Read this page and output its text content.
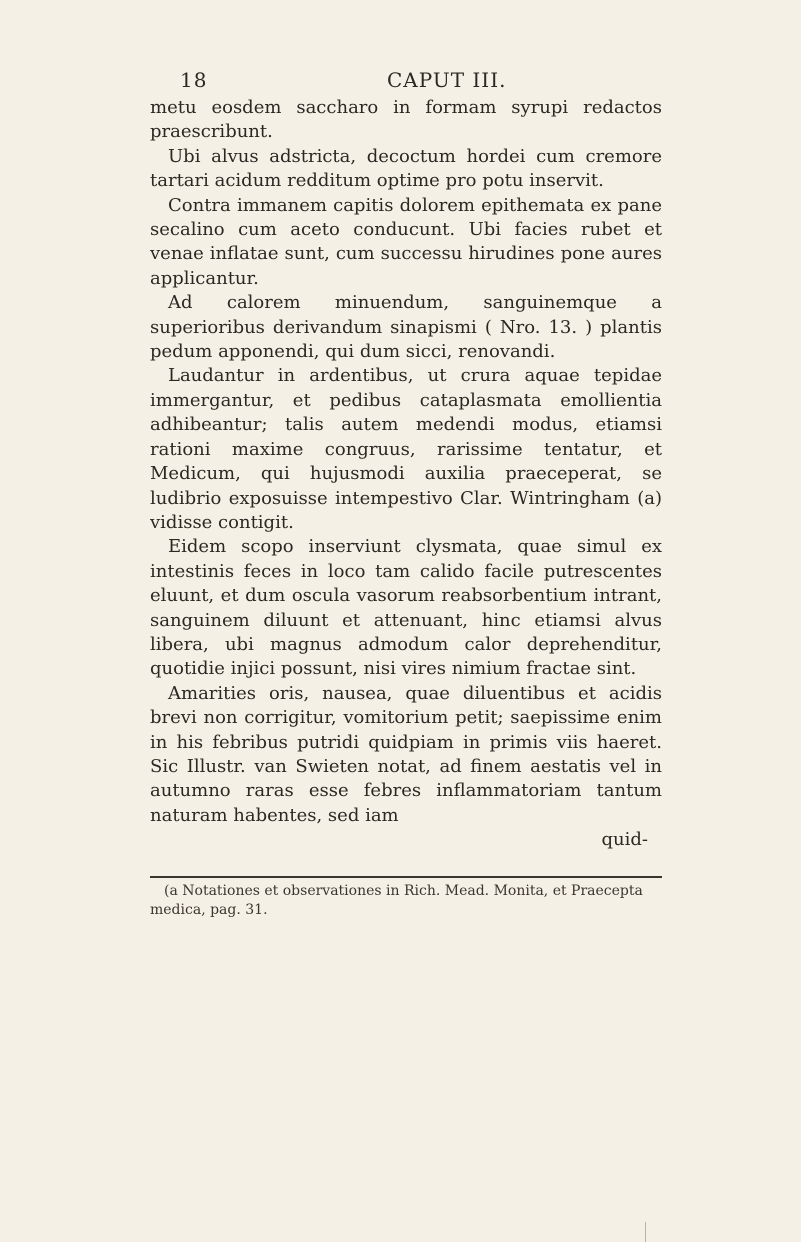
18	CAPUT III.

metu eosdem saccharo in formam syrupi redactos praescribunt.

Ubi alvus adstricta, decoctum hordei cum cremore tartari acidum redditum optime pro potu inservit.

Contra immanem capitis dolorem epithemata ex pane secalino cum aceto conducunt. Ubi facies rubet et venae inflatae sunt, cum successu hirudines pone aures applicantur.

Ad calorem minuendum, sanguinemque a superioribus derivandum sinapismi ( Nro. 13. ) plantis pedum apponendi, qui dum sicci, renovandi.

Laudantur in ardentibus, ut crura aquae tepidae immergantur, et pedibus cataplasmata emollientia adhibeantur; talis autem medendi modus, etiamsi rationi maxime congruus, rarissime tentatur, et Medicum, qui hujusmodi auxilia praeceperat, se ludibrio exposuisse intempestivo Clar. Wintringham (a) vidisse contigit.

Eidem scopo inserviunt clysmata, quae simul ex intestinis feces in loco tam calido facile putrescentes eluunt, et dum oscula vasorum reabsorbentium intrant, sanguinem diluunt et attenuant, hinc etiamsi alvus libera, ubi magnus admodum calor deprehenditur, quotidie injici possunt, nisi vires nimium fractae sint.

Amarities oris, nausea, quae diluentibus et acidis brevi non corrigitur, vomitorium petit; saepissime enim in his febribus putridi quidpiam in primis viis haeret. Sic Illustr. van Swieten notat, ad finem aestatis vel in autumno raras esse febres inflammatoriam tantum naturam habentes, sed iam

quid-
(a Notationes et observationes in Rich. Mead. Monita, et Praecepta medica, pag. 31.
